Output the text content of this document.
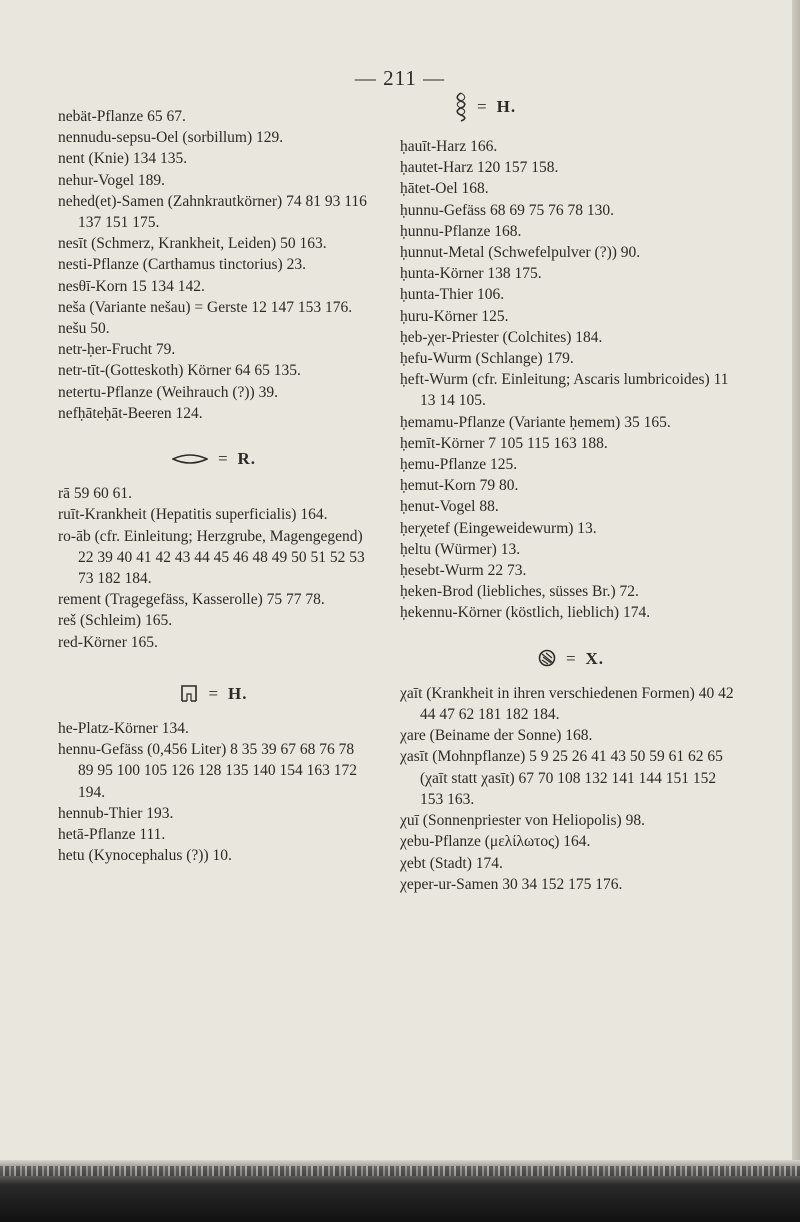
— 211 —
nebät-Pflanze 65 67.
nennudu-sepsu-Oel (sorbillum) 129.
nent (Knie) 134 135.
nehur-Vogel 189.
nehed(et)-Samen (Zahnkrautkörner) 74 81 93 116 137 151 175.
nesīt (Schmerz, Krankheit, Leiden) 50 163.
nesti-Pflanze (Carthamus tinctorius) 23.
nesθī-Korn 15 134 142.
neša (Variante nešau) = Gerste 12 147 153 176.
nešu 50.
netr-ḥer-Frucht 79.
netr-tīt-(Gotteskoth) Körner 64 65 135.
netertu-Pflanze (Weihrauch (?)) 39.
nefḥāteḥāt-Beeren 124.
= R.
rā 59 60 61.
ruīt-Krankheit (Hepatitis superficialis) 164.
ro-āb (cfr. Einleitung; Herzgrube, Magengegend) 22 39 40 41 42 43 44 45 46 48 49 50 51 52 53 73 182 184.
rement (Tragegefäss, Kasserolle) 75 77 78.
reš (Schleim) 165.
red-Körner 165.
= H.
he-Platz-Körner 134.
hennu-Gefäss (0,456 Liter) 8 35 39 67 68 76 78 89 95 100 105 126 128 135 140 154 163 172 194.
hennub-Thier 193.
hetā-Pflanze 111.
hetu (Kynocephalus (?)) 10.
= H.
ḥauīt-Harz 166.
ḥautet-Harz 120 157 158.
ḥātet-Oel 168.
ḥunnu-Gefäss 68 69 75 76 78 130.
ḥunnu-Pflanze 168.
ḥunnut-Metal (Schwefelpulver (?)) 90.
ḥunta-Körner 138 175.
ḥunta-Thier 106.
ḥuru-Körner 125.
ḥeb-χer-Priester (Colchites) 184.
ḥefu-Wurm (Schlange) 179.
ḥeft-Wurm (cfr. Einleitung; Ascaris lumbricoides) 11 13 14 105.
ḥemamu-Pflanze (Variante ḥemem) 35 165.
ḥemīt-Körner 7 105 115 163 188.
ḥemu-Pflanze 125.
ḥemut-Korn 79 80.
ḥenut-Vogel 88.
ḥerχetef (Eingeweidewurm) 13.
ḥeltu (Würmer) 13.
ḥesebt-Wurm 22 73.
ḥeken-Brod (liebliches, süsses Br.) 72.
ḥekennu-Körner (köstlich, lieblich) 174.
= X.
χaīt (Krankheit in ihren verschiedenen Formen) 40 42 44 47 62 181 182 184.
χare (Beiname der Sonne) 168.
χasīt (Mohnpflanze) 5 9 25 26 41 43 50 59 61 62 65 (χaīt statt χasīt) 67 70 108 132 141 144 151 152 153 163.
χuī (Sonnenpriester von Heliopolis) 98.
χebu-Pflanze (μελίλωτος) 164.
χebt (Stadt) 174.
χeper-ur-Samen 30 34 152 175 176.
